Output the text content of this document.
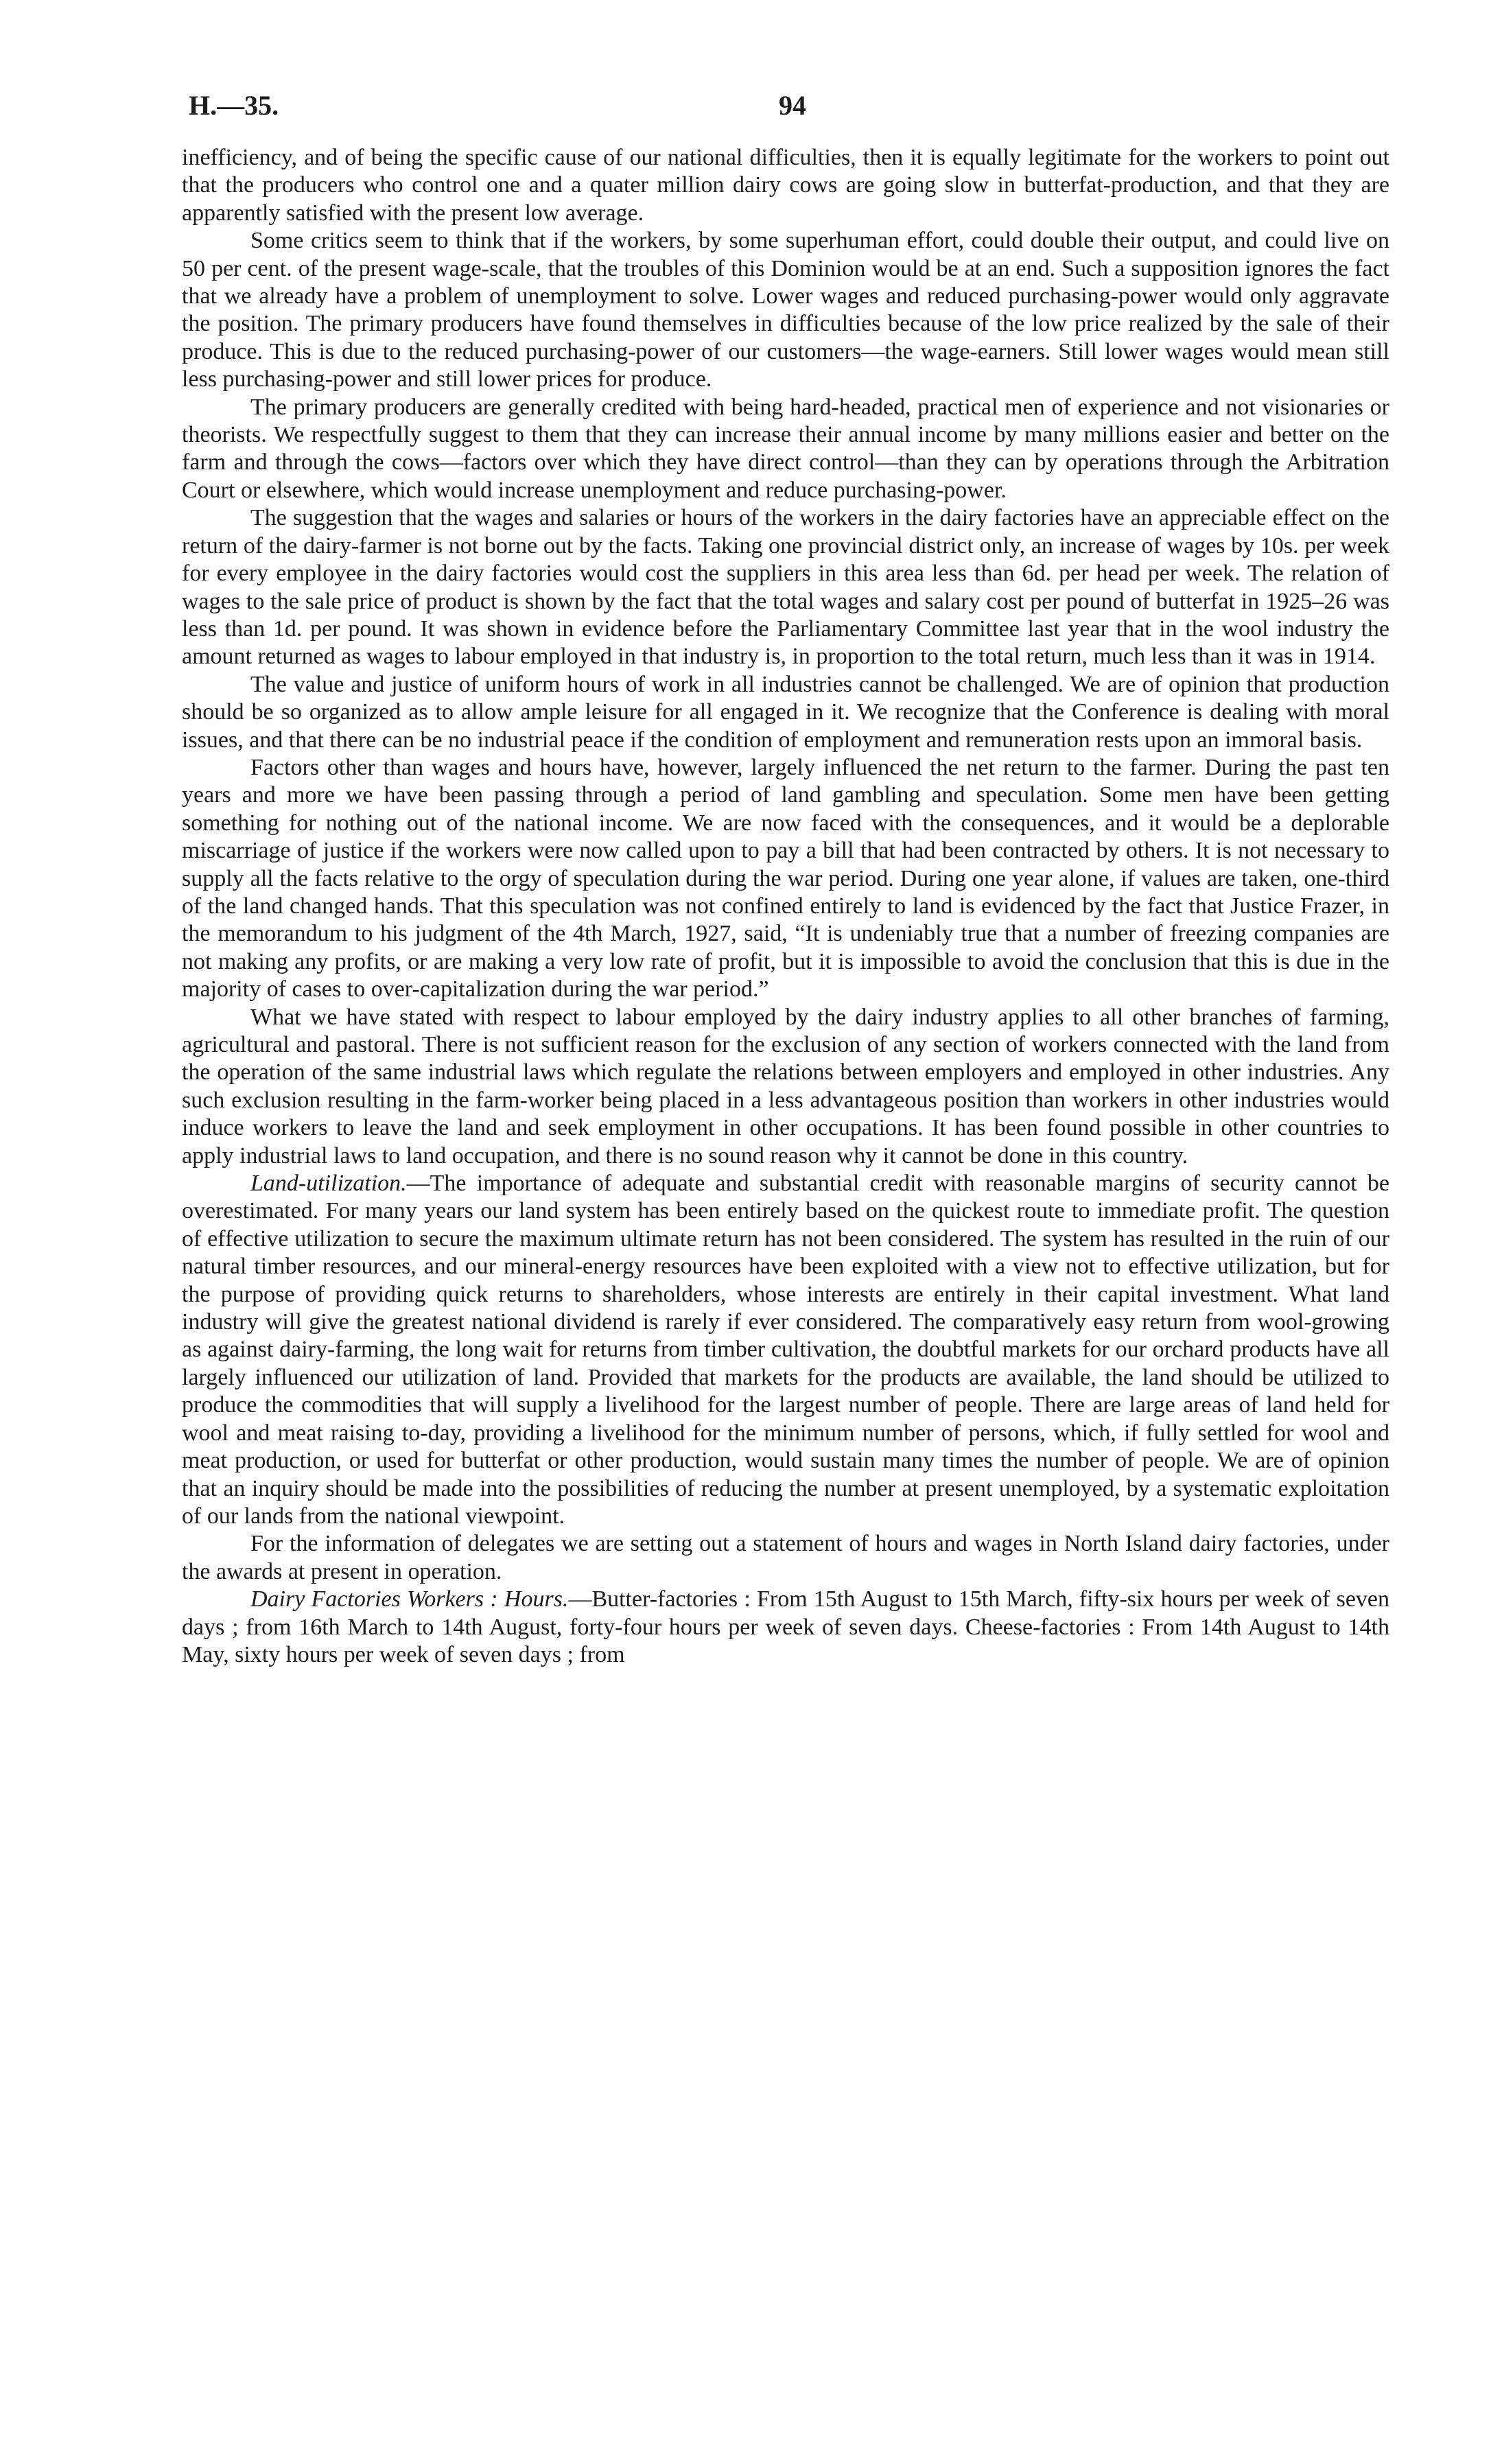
H.—35.	94

inefficiency, and of being the specific cause of our national difficulties, then it is equally legitimate for the workers to point out that the producers who control one and a quater million dairy cows are going slow in butterfat-production, and that they are apparently satisfied with the present low average.

Some critics seem to think that if the workers, by some superhuman effort, could double their output, and could live on 50 per cent. of the present wage-scale, that the troubles of this Dominion would be at an end. Such a supposition ignores the fact that we already have a problem of unemployment to solve. Lower wages and reduced purchasing-power would only aggravate the position. The primary producers have found themselves in difficulties because of the low price realized by the sale of their produce. This is due to the reduced purchasing-power of our customers—the wage-earners. Still lower wages would mean still less purchasing-power and still lower prices for produce.

The primary producers are generally credited with being hard-headed, practical men of experience and not visionaries or theorists. We respectfully suggest to them that they can increase their annual income by many millions easier and better on the farm and through the cows—factors over which they have direct control—than they can by operations through the Arbitration Court or elsewhere, which would increase unemployment and reduce purchasing-power.

The suggestion that the wages and salaries or hours of the workers in the dairy factories have an appreciable effect on the return of the dairy-farmer is not borne out by the facts. Taking one provincial district only, an increase of wages by 10s. per week for every employee in the dairy factories would cost the suppliers in this area less than 6d. per head per week. The relation of wages to the sale price of product is shown by the fact that the total wages and salary cost per pound of butterfat in 1925–26 was less than 1d. per pound. It was shown in evidence before the Parliamentary Committee last year that in the wool industry the amount returned as wages to labour employed in that industry is, in proportion to the total return, much less than it was in 1914.

The value and justice of uniform hours of work in all industries cannot be challenged. We are of opinion that production should be so organized as to allow ample leisure for all engaged in it. We recognize that the Conference is dealing with moral issues, and that there can be no industrial peace if the condition of employment and remuneration rests upon an immoral basis.

Factors other than wages and hours have, however, largely influenced the net return to the farmer. During the past ten years and more we have been passing through a period of land gambling and speculation. Some men have been getting something for nothing out of the national income. We are now faced with the consequences, and it would be a deplorable miscarriage of justice if the workers were now called upon to pay a bill that had been contracted by others. It is not necessary to supply all the facts relative to the orgy of speculation during the war period. During one year alone, if values are taken, one-third of the land changed hands. That this speculation was not confined entirely to land is evidenced by the fact that Justice Frazer, in the memorandum to his judgment of the 4th March, 1927, said, “It is undeniably true that a number of freezing companies are not making any profits, or are making a very low rate of profit, but it is impossible to avoid the conclusion that this is due in the majority of cases to over-capitalization during the war period.”

What we have stated with respect to labour employed by the dairy industry applies to all other branches of farming, agricultural and pastoral. There is not sufficient reason for the exclusion of any section of workers connected with the land from the operation of the same industrial laws which regulate the relations between employers and employed in other industries. Any such exclusion resulting in the farm-worker being placed in a less advantageous position than workers in other industries would induce workers to leave the land and seek employment in other occupations. It has been found possible in other countries to apply industrial laws to land occupation, and there is no sound reason why it cannot be done in this country.

Land-utilization.—The importance of adequate and substantial credit with reasonable margins of security cannot be overestimated. For many years our land system has been entirely based on the quickest route to immediate profit. The question of effective utilization to secure the maximum ultimate return has not been considered. The system has resulted in the ruin of our natural timber resources, and our mineral-energy resources have been exploited with a view not to effective utilization, but for the purpose of providing quick returns to shareholders, whose interests are entirely in their capital investment. What land industry will give the greatest national dividend is rarely if ever considered. The comparatively easy return from wool-growing as against dairy-farming, the long wait for returns from timber cultivation, the doubtful markets for our orchard products have all largely influenced our utilization of land. Provided that markets for the products are available, the land should be utilized to produce the commodities that will supply a livelihood for the largest number of people. There are large areas of land held for wool and meat raising to-day, providing a livelihood for the minimum number of persons, which, if fully settled for wool and meat production, or used for butterfat or other production, would sustain many times the number of people. We are of opinion that an inquiry should be made into the possibilities of reducing the number at present unemployed, by a systematic exploitation of our lands from the national viewpoint.

For the information of delegates we are setting out a statement of hours and wages in North Island dairy factories, under the awards at present in operation.

Dairy Factories Workers : Hours.—Butter-factories : From 15th August to 15th March, fifty-six hours per week of seven days ; from 16th March to 14th August, forty-four hours per week of seven days. Cheese-factories : From 14th August to 14th May, sixty hours per week of seven days ; from
